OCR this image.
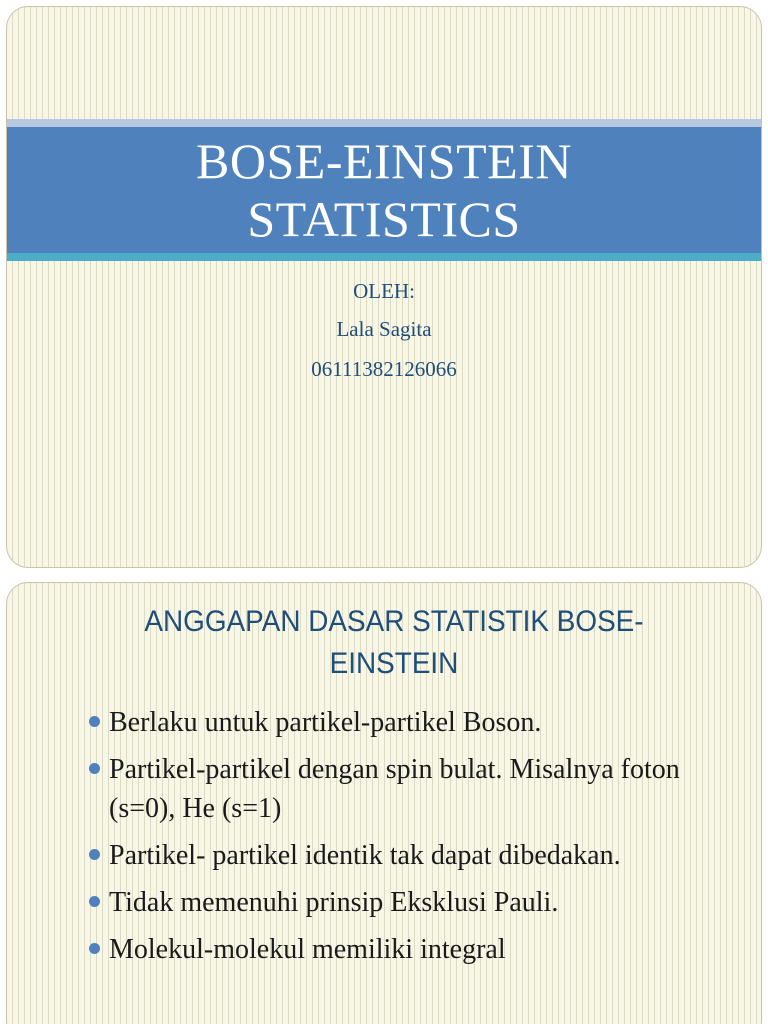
BOSE-EINSTEIN
STATISTICS
OLEH:
Lala Sagita
06111382126066
ANGGAPAN DASAR STATISTIK BOSE-
EINSTEIN
Berlaku untuk partikel-partikel Boson.
Partikel-partikel dengan spin bulat. Misalnya foton (s=0), He (s=1)
Partikel- partikel identik tak dapat dibedakan.
Tidak memenuhi prinsip Eksklusi Pauli.
Molekul-molekul memiliki integral
